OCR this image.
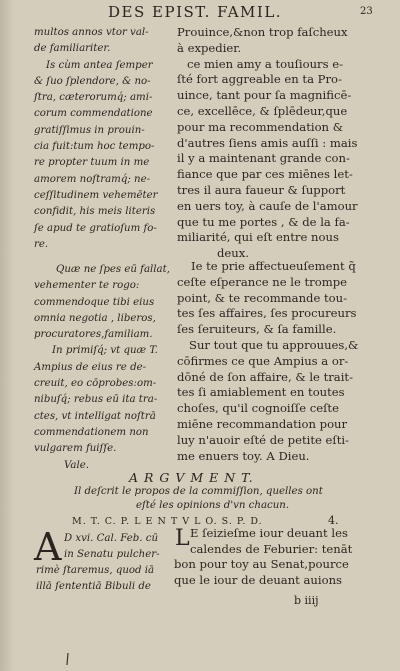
DES EPIST. FAMIL.	23
multos annos vtor val-
de familiariter.
Is cùm antea ſemper
& ſuo ſplendore, & no-
ſtra, cæterorumq́; ami-
corum commendatione
gratiſſimus in prouin-
cia fuit:tum hoc tempo-
re propter tuum in me
amorem noſtramq́; ne-
ceſſitudinem vehemēter
confidit, his meis literis
ſe apud te gratioſum fo-
re.
Prouince,&non trop faſcheux
à expedier.
ce mien amy a touſiours e-
ſté fort aggreable en ta Pro-
uince, tant pour ſa magnificē-
ce, excellēce, & ſplēdeur,que
pour ma recommendation &
d'autres ſiens amis auſſi : mais
il y a maintenant grande con-
fiance que par ces miēnes let-
tres il aura faueur & ſupport
en uers toy, à cauſe de l'amour
que tu me portes , & de la fa-
miliarité, qui eſt entre nous
deux.
Quæ ne ſpes eū fallat,
vehementer te rogo:
commendoque tibi eius
omnia negotia , liberos,
procuratores,familiam.
In primiſq́; vt quæ T.
Ampius de eius re de-
creuit, eo cōprobes:om-
nibuſq́; rebus eū ita tra-
ctes, vt intelligat noſtrā
commendationem non
vulgarem fuiſſe.
Vale.
Ie te prie affectueuſement q̃
ceſte eſperance ne le trompe
point, & te recommande tou-
tes ſes affaires, ſes procureurs
ſes ſeruiteurs, & ſa famille.
Sur tout que tu approuues,&
cōfirmes ce que Ampius a or-
dōné de ſon affaire, & le trait-
tes ſi amiablement en toutes
choſes, qu'il cognoiſſe ceſte
miēne recommandation pour
luy n'auoir eſté de petite eſti-
me enuers toy. A Dieu.
A R G V M E N T.
Il deſcrit le propos de la commiſſion, quelles ont
eſté les opinions d'vn chacun.
M. T. C. P. L E N T V L O. S. P. D.	4.
A D xvi. Cal. Feb. cū
in Senatu pulcher-
rimè ſtaremus, quod iā
illā ſententiā Bibuli de
L E ſeizieſme iour deuant les
calendes de Feburier: tenāt
bon pour toy au Senat,pource
que le iour de deuant auions
b iiij
